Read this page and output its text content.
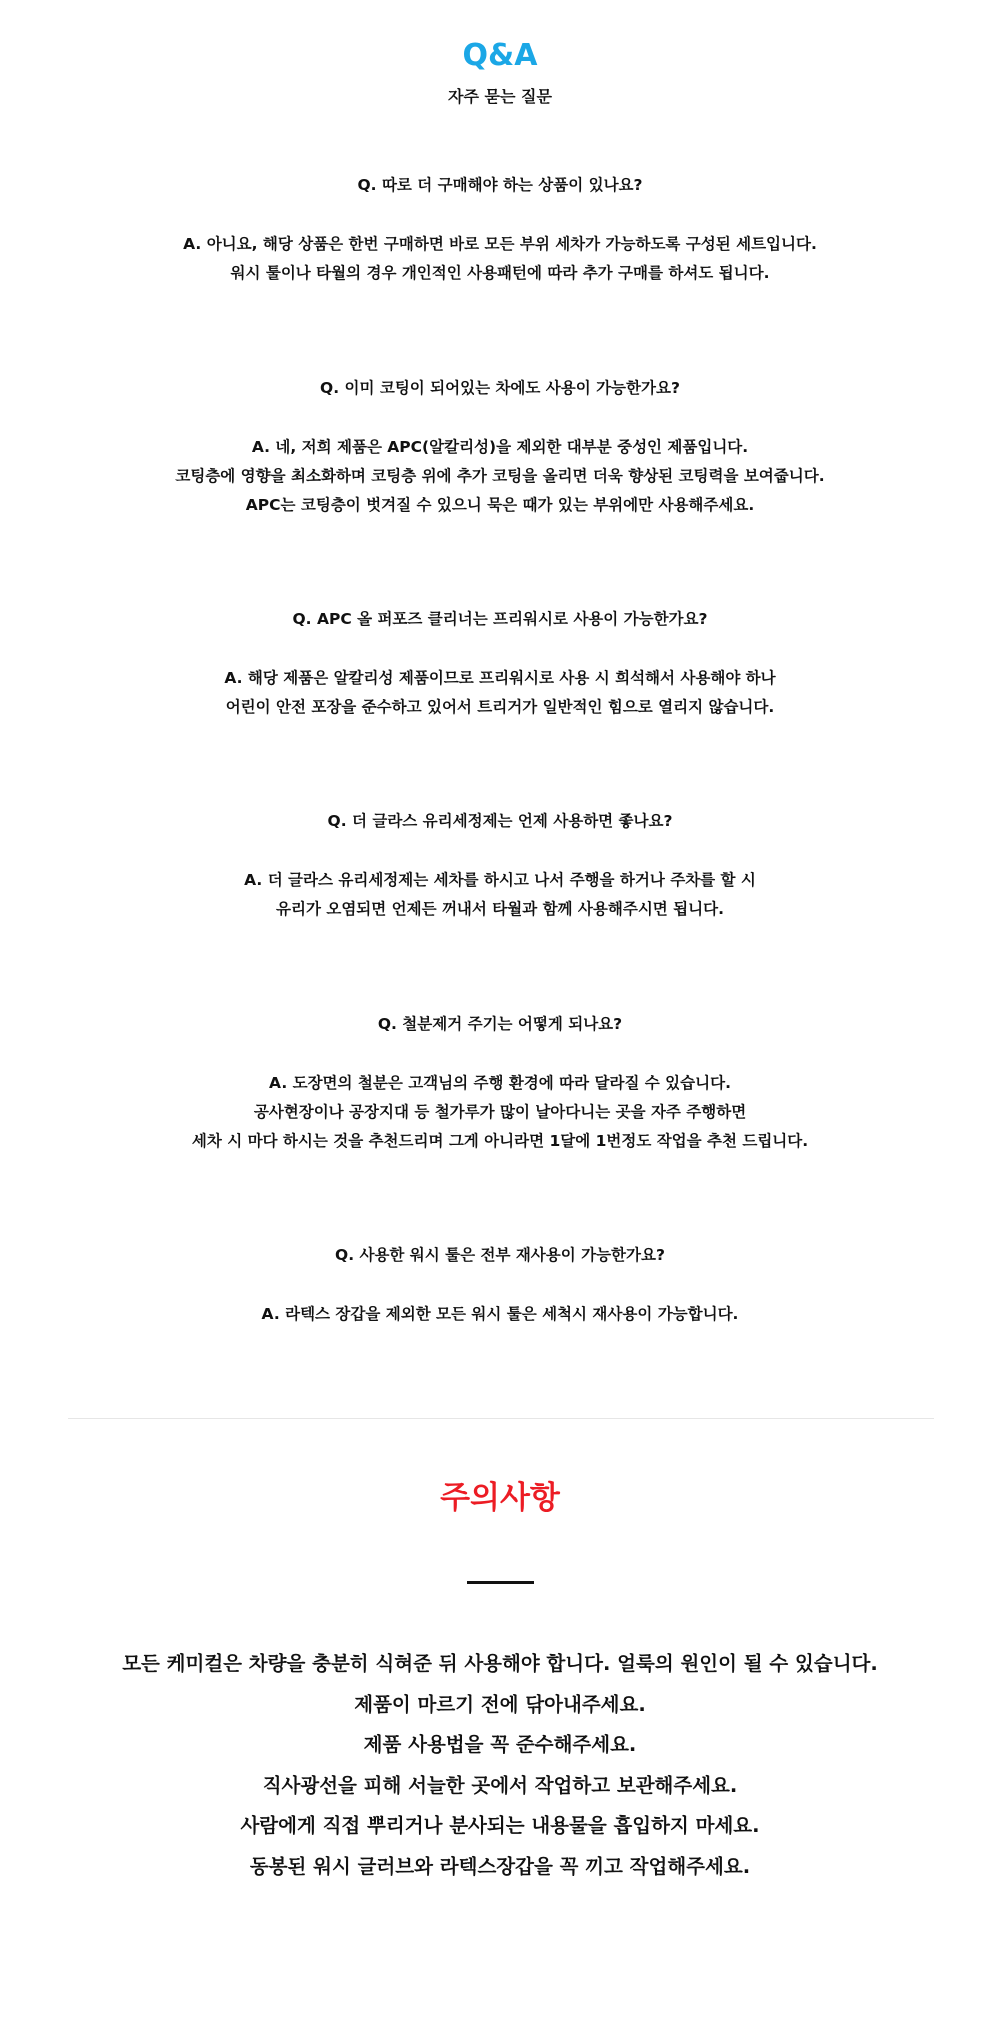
Q&A

자주 묻는 질문

Q. 따로 더 구매해야 하는 상품이 있나요?

A. 아니요, 해당 상품은 한번 구매하면 바로 모든 부위 세차가 가능하도록 구성된 세트입니다.
워시 툴이나 타월의 경우 개인적인 사용패턴에 따라 추가 구매를 하셔도 됩니다.

Q. 이미 코팅이 되어있는 차에도 사용이 가능한가요?

A. 네, 저희 제품은 APC(알칼리성)을 제외한 대부분 중성인 제품입니다.
코팅층에 영향을 최소화하며 코팅층 위에 추가 코팅을 올리면 더욱 향상된 코팅력을 보여줍니다.
APC는 코팅층이 벗겨질 수 있으니 묵은 때가 있는 부위에만 사용해주세요.

Q. APC 올 퍼포즈 클리너는 프리워시로 사용이 가능한가요?

A. 해당 제품은 알칼리성 제품이므로 프리워시로 사용 시 희석해서 사용해야 하나
어린이 안전 포장을 준수하고 있어서 트리거가 일반적인 힘으로 열리지 않습니다.

Q. 더 글라스 유리세정제는 언제 사용하면 좋나요?

A. 더 글라스 유리세정제는 세차를 하시고 나서 주행을 하거나 주차를 할 시
유리가 오염되면 언제든 꺼내서 타월과 함께 사용해주시면 됩니다.

Q. 철분제거 주기는 어떻게 되나요?

A. 도장면의 철분은 고객님의 주행 환경에 따라 달라질 수 있습니다.
공사현장이나 공장지대 등 철가루가 많이 날아다니는 곳을 자주 주행하면
세차 시 마다 하시는 것을 추천드리며 그게 아니라면 1달에 1번정도 작업을 추천 드립니다.

Q. 사용한 워시 툴은 전부 재사용이 가능한가요?

A. 라텍스 장갑을 제외한 모든 워시 툴은 세척시 재사용이 가능합니다.
주의사항
모든 케미컬은 차량을 충분히 식혀준 뒤 사용해야 합니다. 얼룩의 원인이 될 수 있습니다.
제품이 마르기 전에 닦아내주세요.
제품 사용법을 꼭 준수해주세요.
직사광선을 피해 서늘한 곳에서 작업하고 보관해주세요.
사람에게 직접 뿌리거나 분사되는 내용물을 흡입하지 마세요.
동봉된 워시 글러브와 라텍스장갑을 꼭 끼고 작업해주세요.
